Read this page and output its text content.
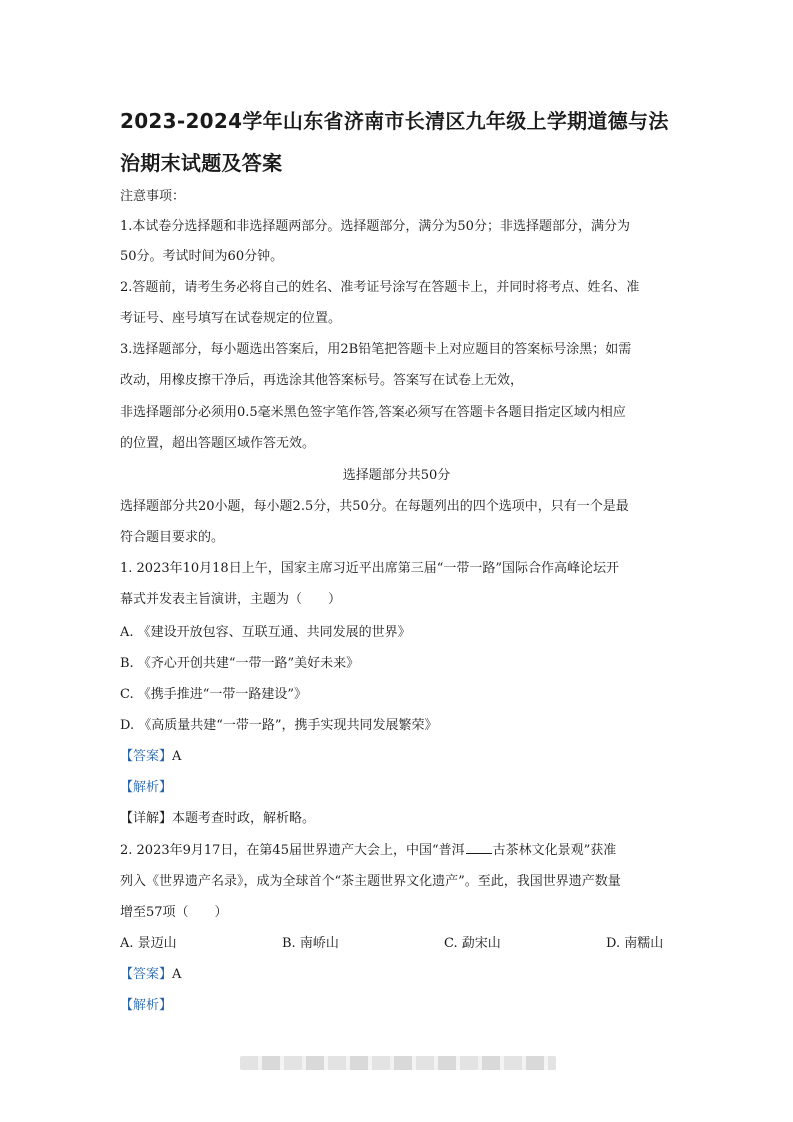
2023-2024学年山东省济南市长清区九年级上学期道德与法
治期末试题及答案
注意事项：
1.本试卷分选择题和非选择题两部分。选择题部分，满分为50分；非选择题部分，满分为
50分。考试时间为60分钟。
2.答题前，请考生务必将自己的姓名、准考证号涂写在答题卡上，并同时将考点、姓名、准
考证号、座号填写在试卷规定的位置。
3.选择题部分，每小题选出答案后，用2B铅笔把答题卡上对应题目的答案标号涂黑；如需
改动，用橡皮擦干净后，再选涂其他答案标号。答案写在试卷上无效，
非选择题部分必须用0.5毫米黑色签字笔作答,答案必须写在答题卡各题目指定区域内相应
的位置，超出答题区域作答无效。
选择题部分共50分
选择题部分共20小题，每小题2.5分，共50分。在每题列出的四个选项中，只有一个是最
符合题目要求的。
1. 2023年10月18日上午，国家主席习近平出席第三届“一带一路”国际合作高峰论坛开
幕式并发表主旨演讲，主题为（　　）
A. 《建设开放包容、互联互通、共同发展的世界》
B. 《齐心开创共建“一带一路”美好未来》
C. 《携手推进“一带一路建设”》
D. 《高质量共建“一带一路”，携手实现共同发展繁荣》
【答案】A
【解析】
【详解】本题考查时政，解析略。
2. 2023年9月17日，在第45届世界遗产大会上，中国“普洱 古茶林文化景观”获准
列入《世界遗产名录》，成为全球首个“茶主题世界文化遗产”。至此，我国世界遗产数量
增至57项（　　）
A. 景迈山	B. 南峤山	C. 勐宋山	D. 南糯山
【答案】A
【解析】
